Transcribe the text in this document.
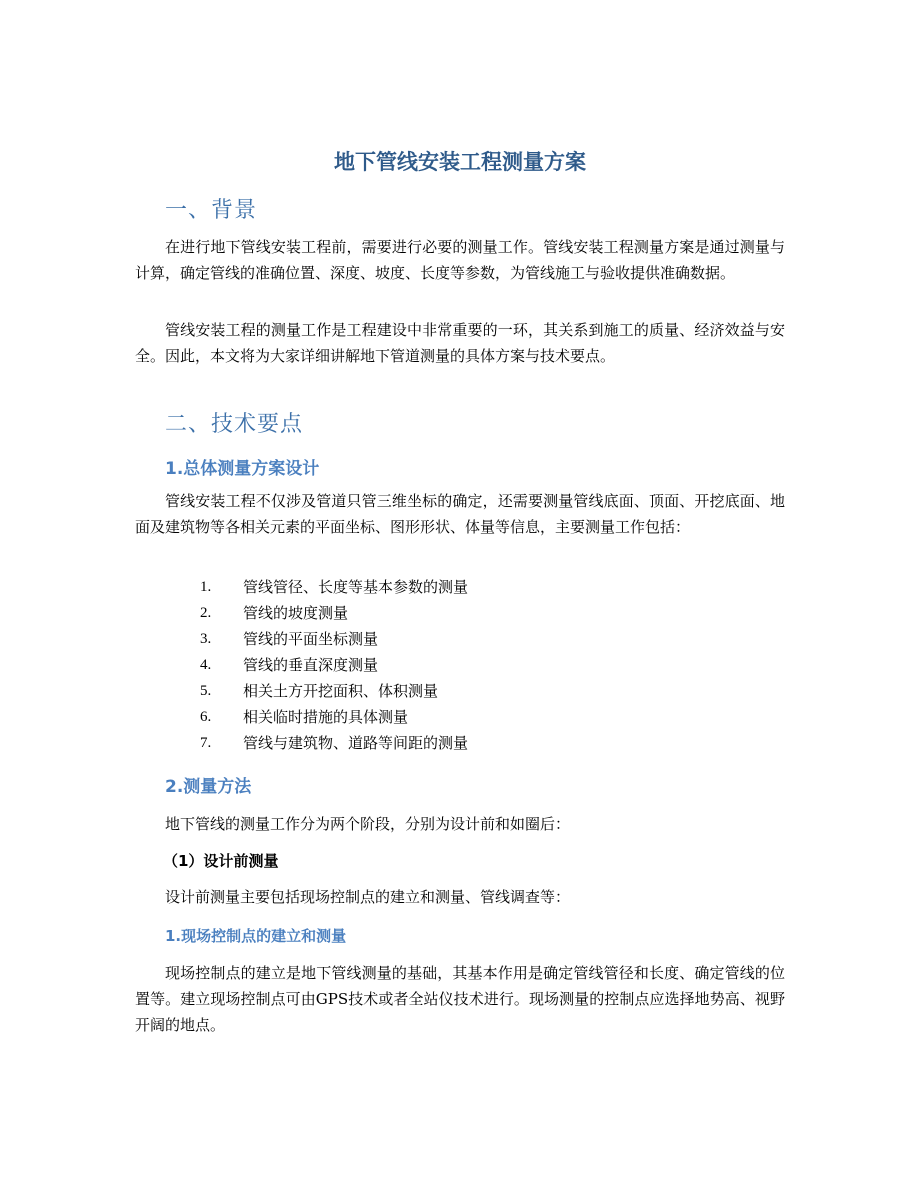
地下管线安装工程测量方案
一、背景
在进行地下管线安装工程前，需要进行必要的测量工作。管线安装工程测量方案是通过测量与计算，确定管线的准确位置、深度、坡度、长度等参数，为管线施工与验收提供准确数据。
管线安装工程的测量工作是工程建设中非常重要的一环，其关系到施工的质量、经济效益与安全。因此，本文将为大家详细讲解地下管道测量的具体方案与技术要点。
二、技术要点
1.总体测量方案设计
管线安装工程不仅涉及管道只管三维坐标的确定，还需要测量管线底面、顶面、开挖底面、地面及建筑物等各相关元素的平面坐标、图形形状、体量等信息，主要测量工作包括：
1.	管线管径、长度等基本参数的测量
2.	管线的坡度测量
3.	管线的平面坐标测量
4.	管线的垂直深度测量
5.	相关土方开挖面积、体积测量
6.	相关临时措施的具体测量
7.	管线与建筑物、道路等间距的测量
2.测量方法
地下管线的测量工作分为两个阶段，分别为设计前和如圈后：
（1）设计前测量
设计前测量主要包括现场控制点的建立和测量、管线调查等：
1.现场控制点的建立和测量
现场控制点的建立是地下管线测量的基础，其基本作用是确定管线管径和长度、确定管线的位置等。建立现场控制点可由GPS技术或者全站仪技术进行。现场测量的控制点应选择地势高、视野开阔的地点。
